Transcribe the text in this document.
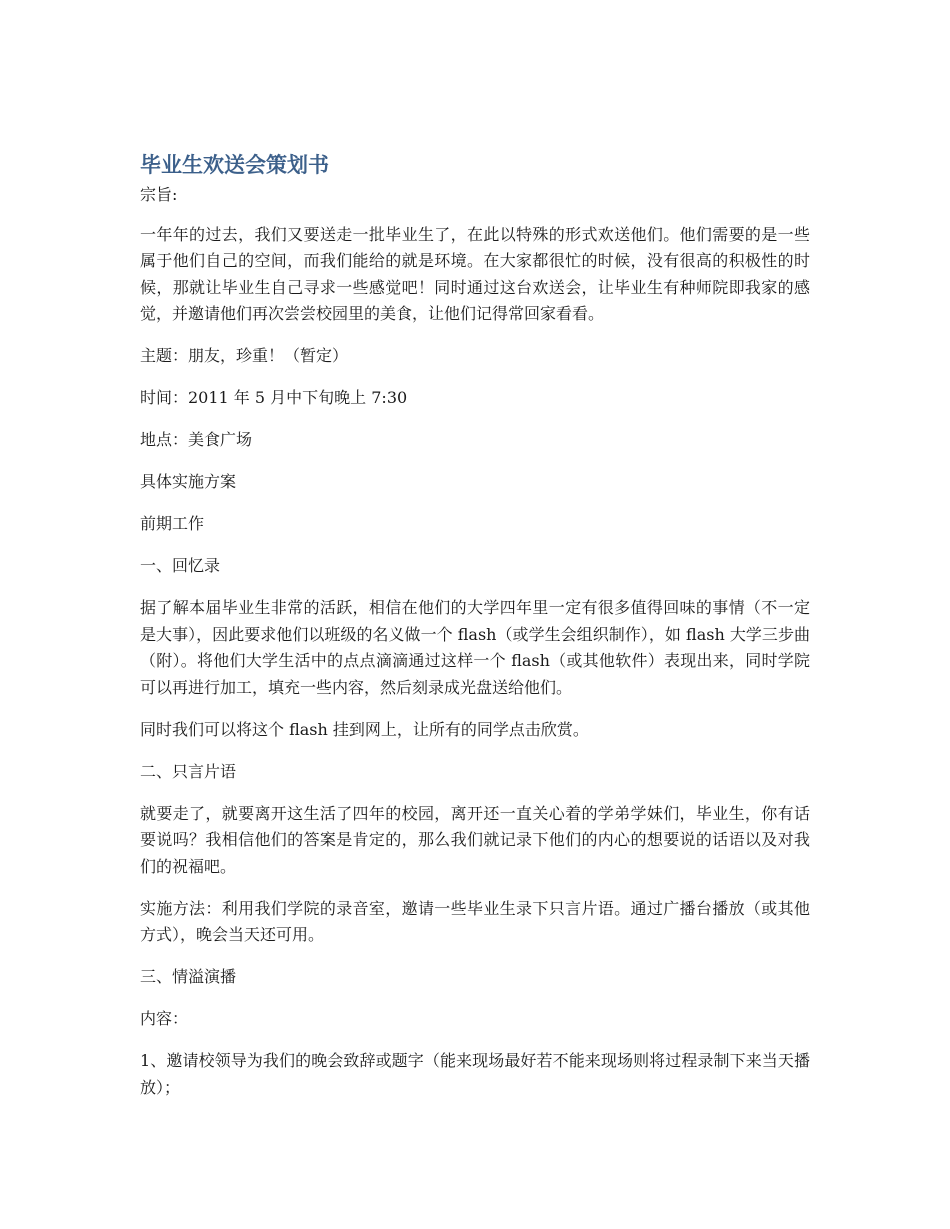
毕业生欢送会策划书

宗旨:

一年年的过去，我们又要送走一批毕业生了，在此以特殊的形式欢送他们。他们需要的是一些属于他们自己的空间，而我们能给的就是环境。在大家都很忙的时候，没有很高的积极性的时候，那就让毕业生自己寻求一些感觉吧！同时通过这台欢送会，让毕业生有种师院即我家的感觉，并邀请他们再次尝尝校园里的美食，让他们记得常回家看看。

主题：朋友，珍重！（暂定）

时间：2011 年 5 月中下旬晚上 7:30

地点：美食广场

具体实施方案

前期工作

一、回忆录

据了解本届毕业生非常的活跃，相信在他们的大学四年里一定有很多值得回味的事情（不一定是大事），因此要求他们以班级的名义做一个 flash（或学生会组织制作），如 flash 大学三步曲（附）。将他们大学生活中的点点滴滴通过这样一个 flash（或其他软件）表现出来，同时学院可以再进行加工，填充一些内容，然后刻录成光盘送给他们。

同时我们可以将这个 flash 挂到网上，让所有的同学点击欣赏。

二、只言片语

就要走了，就要离开这生活了四年的校园，离开还一直关心着的学弟学妹们，毕业生，你有话要说吗？我相信他们的答案是肯定的，那么我们就记录下他们的内心的想要说的话语以及对我们的祝福吧。

实施方法：利用我们学院的录音室，邀请一些毕业生录下只言片语。通过广播台播放（或其他方式），晚会当天还可用。

三、情溢演播

内容：

1、邀请校领导为我们的晚会致辞或题字（能来现场最好若不能来现场则将过程录制下来当天播放）；
